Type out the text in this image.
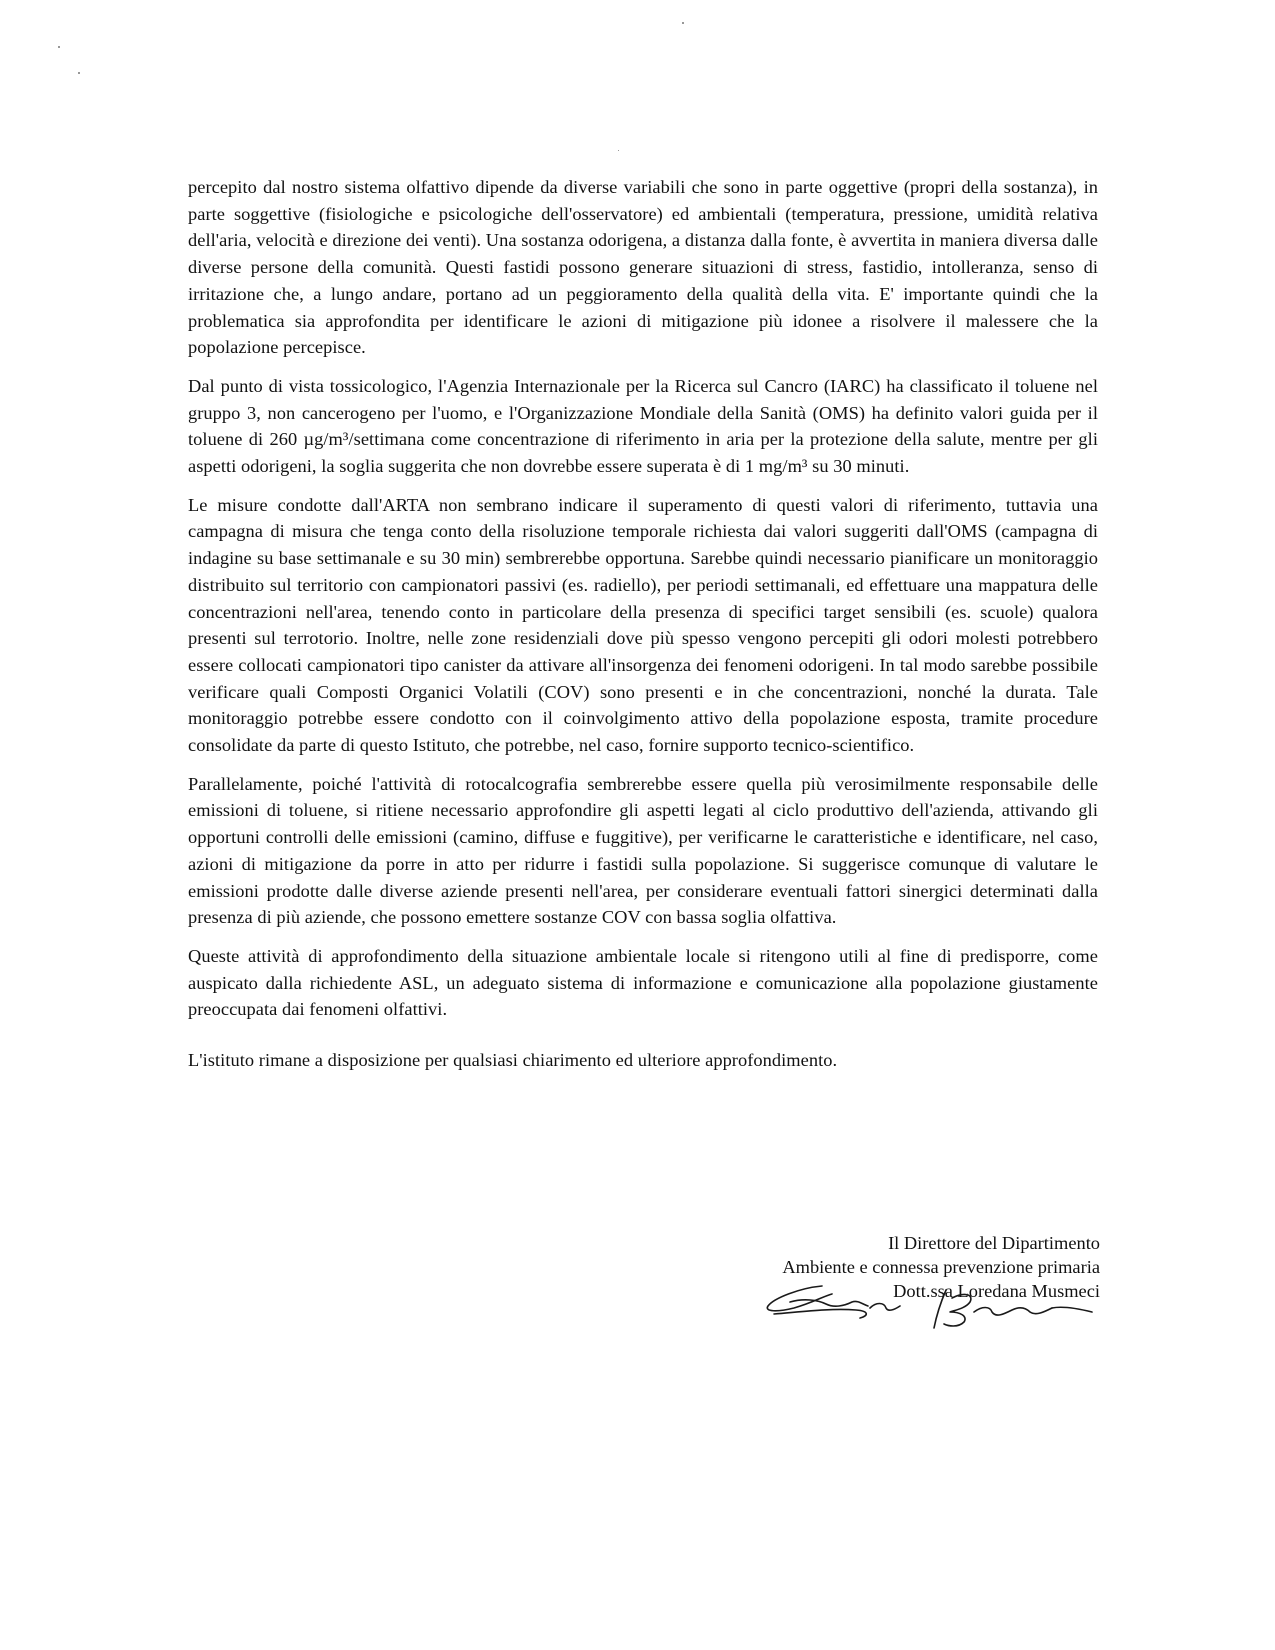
percepito dal nostro sistema olfattivo dipende da diverse variabili che sono in parte oggettive (propri della sostanza), in parte soggettive (fisiologiche e psicologiche dell'osservatore) ed ambientali (temperatura, pressione, umidità relativa dell'aria, velocità e direzione dei venti). Una sostanza odorigena, a distanza dalla fonte, è avvertita in maniera diversa dalle diverse persone della comunità. Questi fastidi possono generare situazioni di stress, fastidio, intolleranza, senso di irritazione che, a lungo andare, portano ad un peggioramento della qualità della vita. E' importante quindi che la problematica sia approfondita per identificare le azioni di mitigazione più idonee a risolvere il malessere che la popolazione percepisce.

Dal punto di vista tossicologico, l'Agenzia Internazionale per la Ricerca sul Cancro (IARC) ha classificato il toluene nel gruppo 3, non cancerogeno per l'uomo, e l'Organizzazione Mondiale della Sanità (OMS) ha definito valori guida per il toluene di 260 µg/m³/settimana come concentrazione di riferimento in aria per la protezione della salute, mentre per gli aspetti odorigeni, la soglia suggerita che non dovrebbe essere superata è di 1 mg/m³ su 30 minuti.

Le misure condotte dall'ARTA non sembrano indicare il superamento di questi valori di riferimento, tuttavia una campagna di misura che tenga conto della risoluzione temporale richiesta dai valori suggeriti dall'OMS (campagna di indagine su base settimanale e su 30 min) sembrerebbe opportuna. Sarebbe quindi necessario pianificare un monitoraggio distribuito sul territorio con campionatori passivi (es. radiello), per periodi settimanali, ed effettuare una mappatura delle concentrazioni nell'area, tenendo conto in particolare della presenza di specifici target sensibili (es. scuole) qualora presenti sul terrotorio. Inoltre, nelle zone residenziali dove più spesso vengono percepiti gli odori molesti potrebbero essere collocati campionatori tipo canister da attivare all'insorgenza dei fenomeni odorigeni. In tal modo sarebbe possibile verificare quali Composti Organici Volatili (COV) sono presenti e in che concentrazioni, nonché la durata. Tale monitoraggio potrebbe essere condotto con il coinvolgimento attivo della popolazione esposta, tramite procedure consolidate da parte di questo Istituto, che potrebbe, nel caso, fornire supporto tecnico-scientifico.

Parallelamente, poiché l'attività di rotocalcografia sembrerebbe essere quella più verosimilmente responsabile delle emissioni di toluene, si ritiene necessario approfondire gli aspetti legati al ciclo produttivo dell'azienda, attivando gli opportuni controlli delle emissioni (camino, diffuse e fuggitive), per verificarne le caratteristiche e identificare, nel caso, azioni di mitigazione da porre in atto per ridurre i fastidi sulla popolazione. Si suggerisce comunque di valutare le emissioni prodotte dalle diverse aziende presenti nell'area, per considerare eventuali fattori sinergici determinati dalla presenza di più aziende, che possono emettere sostanze COV con bassa soglia olfattiva.

Queste attività di approfondimento della situazione ambientale locale si ritengono utili al fine di predisporre, come auspicato dalla richiedente ASL, un adeguato sistema di informazione e comunicazione alla popolazione giustamente preoccupata dai fenomeni olfattivi.

L'istituto rimane a disposizione per qualsiasi chiarimento ed ulteriore approfondimento.

Il Direttore del Dipartimento
Ambiente e connessa prevenzione primaria
Dott.ssa Loredana Musmeci
